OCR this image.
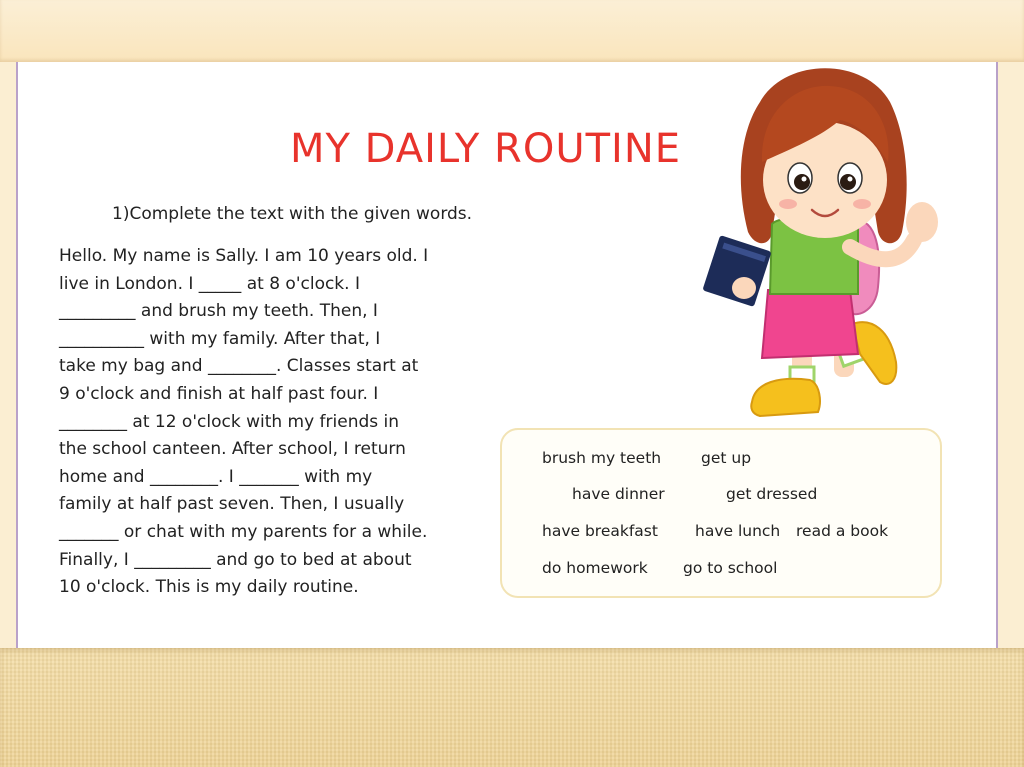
MY DAILY ROUTINE
1)Complete the text with the given words.
Hello. My name is Sally. I am 10 years old. I
live in London. I _____ at 8 o'clock. I
_________ and brush my teeth. Then, I
__________ with my family. After that, I
take my bag and ________. Classes start at
9 o'clock and finish at half past four. I
________ at 12 o'clock with my friends in
the school canteen. After school, I return
home and ________. I _______ with my
family at half past seven. Then, I usually
_______ or chat with my parents for a while.
Finally, I _________ and go to bed at about
10 o'clock. This is my daily routine.
brush my teeth	get up
have dinner	get dressed
have breakfast have lunch read a book
do homework go to school
